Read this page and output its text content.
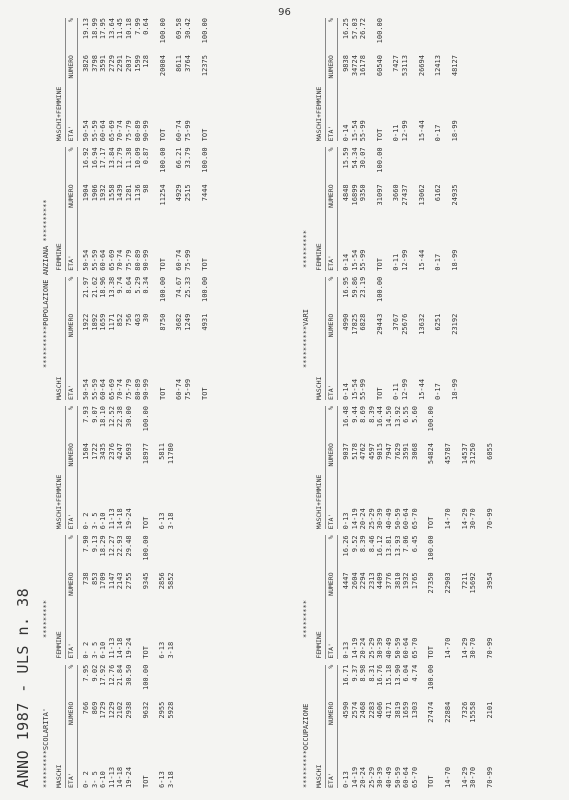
96
ANNO 1987 - ULS n. 38 *********SCOLARITA'
*********
**********POPOLAZIONE ANZIANA **********
MASCHI ETA'
NUMERO
%
0- 2
766
7.95
3- 5
869
9.02
6-10
1729
17.92
11-13
1229
12.76
14-18
2102
21.84
19-24
2938
30.50
TOT
9632
100.00
6-13
2955
3-18
5928
FEMMINE ETA'
NUMERO
%
0- 2
738
7.90
3- 5
853
9.13
6-10
1709
18.29
11-13
1147
12.27
14-18
2143
22.93
19-24
2755
29.48
TOT
9345
100.00
6-13
2856
3-18
5852
MASCHI+FEMMINE ETA'
NUMERO
%
0- 2
1504
7.93
3- 5
1722
9.07
6-10
3435
18.10
11-13
2376
12.52
14-18
4247
22.38
19-24
5693
30.00
TOT
18977
100.00
6-13
5811
3-18
11780
MASCHI ETA'
NUMERO
%
50-54
1922
21.97
55-59
1892
21.62
60-64
1659
18.96
65-69
1171
13.38
70-74
852
9.74
75-79
756
8.64
80-89
463
5.29
90-99
30
0.34
TOT
8750
100.00
60-74
3682
74.67
75-99
1249
25.33
TOT
4931
100.00
FEMMINE ETA'
NUMERO
%
50-54
1904
16.92
55-59
1906
16.94
60-64
1932
17.17
65-69
1558
13.84
70-74
1439
12.79
75-79
1281
11.38
80-89
1136
10.09
90-99
98
0.87
TOT
11254
100.00
60-74
4929
66.21
75-99
2515
33.79
TOT
7444
100.00
MASCHI+FEMMINE ETA'
NUMERO
%
50-54
3826
19.13
55-59
3798
18.99
60-64
3591
17.95
65-69
2729
13.64
70-74
2291
11.45
75-79
2037
10.18
80-89
1599
7.99
90-99
128
0.64
TOT
20004
100.00
60-74
8611
69.58
75-99
3764
30.42
TOT
12375
100.00
*********OCCUPAZIONE
*********
**********VARI
*********
MASCHI ETA'
NUMERO
%
0-13
4590
16.71
14-19
2574
9.37
20-24
2468
8.98
25-29
2283
8.31
30-39
4606
16.76
40-49
4171
15.18
50-59
3819
13.90
60-64
1659
6.04
65-70
1303
4.74
TOT
27474
100.00
14-70
22884
14-29
7326
30-70
15558
70-99
2101
FEMMINE ETA'
NUMERO
%
0-13
4447
16.26
14-19
2604
9.52
20-24
2294
8.39
25-29
2313
8.46
30-39
4409
16.12
40-49
3776
13.81
50-59
3810
13.93
60-64
1932
7.06
65-70
1765
6.45
TOT
27350
100.00
14-70
22903
14-29
7211
30-70
15692
70-99
3954
MASCHI+FEMMINE ETA'
NUMERO
%
0-13
9037
16.48
14-19
5178
9.44
20-24
4762
8.69
25-29
4597
8.39
30-39
9015
16.44
40-49
7947
14.50
50-59
7629
13.92
60-64
3591
6.55
65-70
3068
5.60
TOT
54824
100.00
14-70
45787
14-29
14537
30-70
31250
70-99
6055
MASCHI ETA'
NUMERO
%
0-14
4990
16.95
15-54
17825
59.86
55-99
6828
23.19
TOT
29443
100.00
0-11
3767
12-99
25676
15-44
13632
0-17
6251
18-99
23192
FEMMINE ETA'
NUMERO
%
0-14
4848
15.59
15-54
16899
54.34
55-99
9350
30.07
TOT
31097
100.00
0-11
3660
12-99
27437
15-44
13062
0-17
6162
18-99
24935
MASCHI+FEMMINE ETA'
NUMERO
%
0-14
9838
16.25
15-54
34724
57.03
55-99
16178
26.72
TOT
60540
100.00
0-11
7427
12-99
53113
15-44
26694
0-17
12413
18-99
48127
